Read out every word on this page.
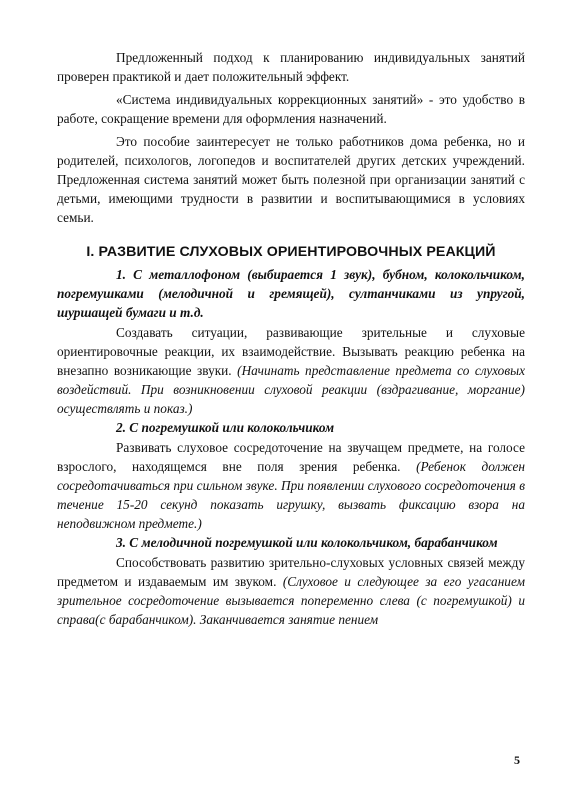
Предложенный подход к планированию индивидуальных занятий проверен практикой и дает положительный эффект.

«Система индивидуальных коррекционных занятий» - это удобство в работе, сокращение времени для оформления назначений.

Это пособие заинтересует не только работников дома ребенка, но и родителей, психологов, логопедов и воспитателей других детских учреждений. Предложенная система занятий может быть полезной при организации занятий с детьми, имеющими трудности в развитии и воспитывающимися в условиях семьи.

I. РАЗВИТИЕ СЛУХОВЫХ ОРИЕНТИРОВОЧНЫХ РЕАКЦИЙ

1. С металлофоном (выбирается 1 звук), бубном, колокольчиком, погремушками (мелодичной и гремящей), султанчиками из упругой, шуршащей бумаги и т.д.

Создавать ситуации, развивающие зрительные и слуховые ориентировочные реакции, их взаимодействие. Вызывать реакцию ребенка на внезапно возникающие звуки. (Начинать представление предмета со слуховых воздействий. При возникновении слуховой реакции (вздрагивание, моргание) осуществлять и показ.)

2. С погремушкой или колокольчиком

Развивать слуховое сосредоточение на звучащем предмете, на голосе взрослого, находящемся вне поля зрения ребенка. (Ребенок должен сосредотачиваться при сильном звуке. При появлении слухового сосредоточения в течение 15-20 секунд показать игрушку, вызвать фиксацию взора на неподвижном предмете.)

3. С мелодичной погремушкой или колокольчиком, барабанчиком

Способствовать развитию зрительно-слуховых условных связей между предметом и издаваемым им звуком. (Слуховое и следующее за его угасанием зрительное сосредоточение вызывается попеременно слева (с погремушкой) и справа(с барабанчиком). Заканчивается занятие пением

5
